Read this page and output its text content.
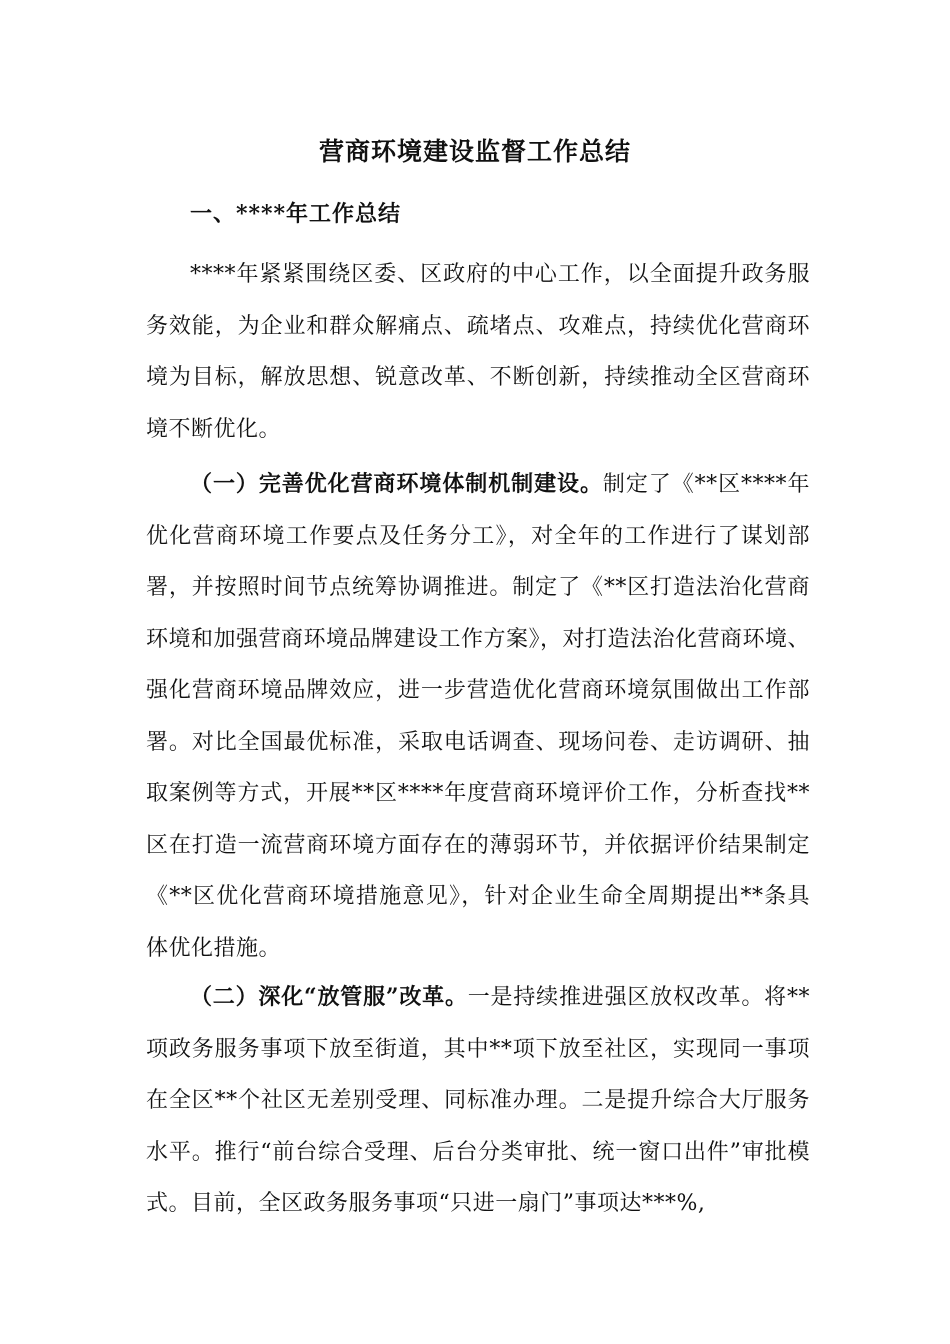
营商环境建设监督工作总结
一、****年工作总结

****年紧紧围绕区委、区政府的中心工作，以全面提升政务服务效能，为企业和群众解痛点、疏堵点、攻难点，持续优化营商环境为目标，解放思想、锐意改革、不断创新，持续推动全区营商环境不断优化。

（一）完善优化营商环境体制机制建设。制定了《**区****年优化营商环境工作要点及任务分工》，对全年的工作进行了谋划部署，并按照时间节点统筹协调推进。制定了《**区打造法治化营商环境和加强营商环境品牌建设工作方案》，对打造法治化营商环境、强化营商环境品牌效应，进一步营造优化营商环境氛围做出工作部署。对比全国最优标准，采取电话调查、现场问卷、走访调研、抽取案例等方式，开展**区****年度营商环境评价工作，分析查找**区在打造一流营商环境方面存在的薄弱环节，并依据评价结果制定《**区优化营商环境措施意见》，针对企业生命全周期提出**条具体优化措施。

（二）深化“放管服”改革。一是持续推进强区放权改革。将**项政务服务事项下放至街道，其中**项下放至社区，实现同一事项在全区**个社区无差别受理、同标准办理。二是提升综合大厅服务水平。推行“前台综合受理、后台分类审批、统一窗口出件”审批模式。目前，全区政务服务事项“只进一扇门”事项达***%,
